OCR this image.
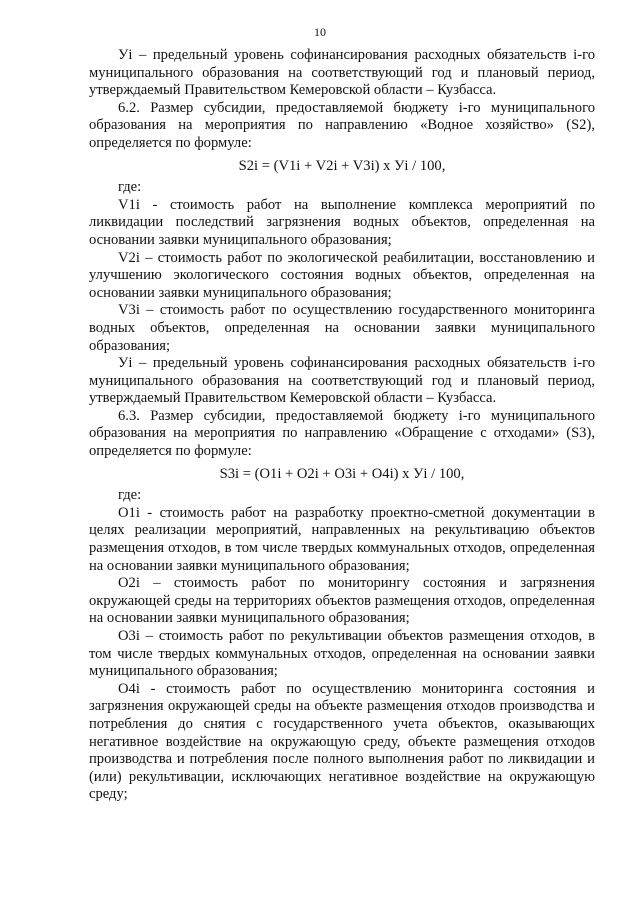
10

Уi – предельный уровень софинансирования расходных обязательств i-го муниципального образования на соответствующий год и плановый период, утверждаемый Правительством Кемеровской области – Кузбасса.

6.2. Размер субсидии, предоставляемой бюджету i-го муниципального образования на мероприятия по направлению «Водное хозяйство» (S2), определяется по формуле:

S2i = (V1i + V2i + V3i) х Уi / 100,

где:

V1i - стоимость работ на выполнение комплекса мероприятий по ликвидации последствий загрязнения водных объектов, определенная на основании заявки муниципального образования;

V2i – стоимость работ по экологической реабилитации, восстановлению и улучшению экологического состояния водных объектов, определенная на основании заявки муниципального образования;

V3i – стоимость работ по осуществлению государственного мониторинга водных объектов, определенная на основании заявки муниципального образования;

Уi – предельный уровень софинансирования расходных обязательств i-го муниципального образования на соответствующий год и плановый период, утверждаемый Правительством Кемеровской области – Кузбасса.

6.3. Размер субсидии, предоставляемой бюджету i-го муниципального образования на мероприятия по направлению «Обращение с отходами» (S3), определяется по формуле:

S3i = (O1i + O2i + O3i + O4i) х Уi / 100,

где:

O1i - стоимость работ на разработку проектно-сметной документации в целях реализации мероприятий, направленных на рекультивацию объектов размещения отходов, в том числе твердых коммунальных отходов, определенная на основании заявки муниципального образования;

O2i – стоимость работ по мониторингу состояния и загрязнения окружающей среды на территориях объектов размещения отходов, определенная на основании заявки муниципального образования;

O3i – стоимость работ по рекультивации объектов размещения отходов, в том числе твердых коммунальных отходов, определенная на основании заявки муниципального образования;

O4i - стоимость работ по осуществлению мониторинга состояния и загрязнения окружающей среды на объекте размещения отходов производства и потребления до снятия с государственного учета объектов, оказывающих негативное воздействие на окружающую среду, объекте размещения отходов производства и потребления после полного выполнения работ по ликвидации и (или) рекультивации, исключающих негативное воздействие на окружающую среду;
